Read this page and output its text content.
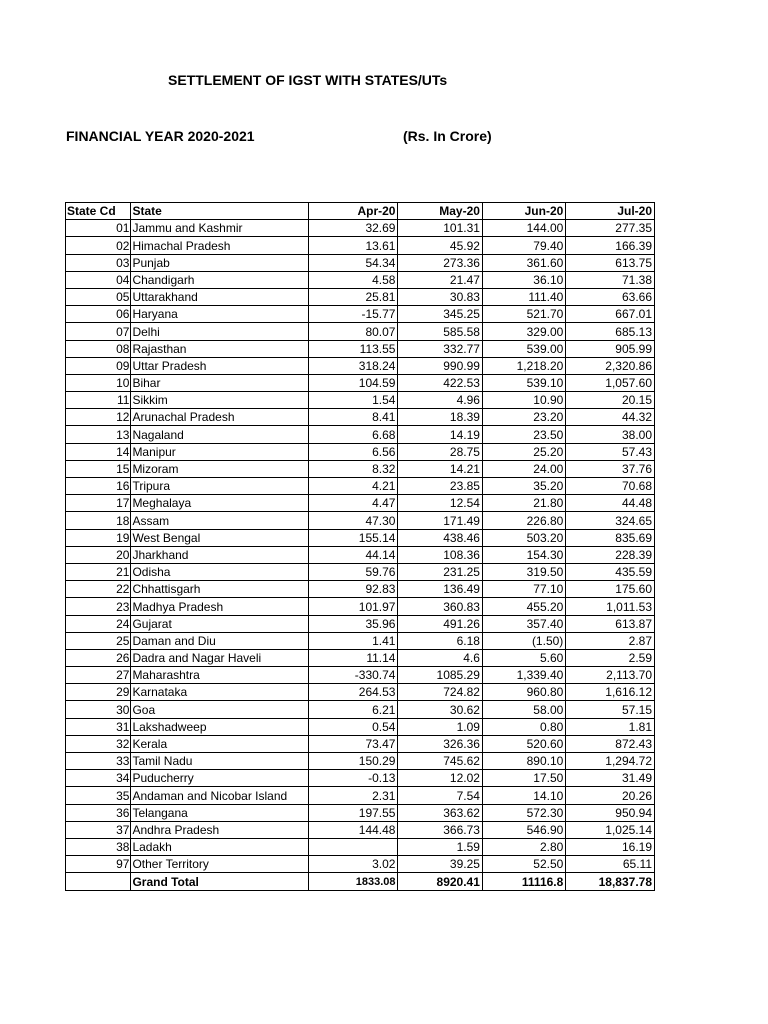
SETTLEMENT OF IGST WITH STATES/UTs
FINANCIAL YEAR 2020-2021	(Rs. In Crore)
State Cd	State	Apr-20	May-20	Jun-20	Jul-20
01	Jammu and Kashmir	32.69	101.31	144.00	277.35
02	Himachal Pradesh	13.61	45.92	79.40	166.39
03	Punjab	54.34	273.36	361.60	613.75
04	Chandigarh	4.58	21.47	36.10	71.38
05	Uttarakhand	25.81	30.83	111.40	63.66
06	Haryana	-15.77	345.25	521.70	667.01
07	Delhi	80.07	585.58	329.00	685.13
08	Rajasthan	113.55	332.77	539.00	905.99
09	Uttar Pradesh	318.24	990.99	1,218.20	2,320.86
10	Bihar	104.59	422.53	539.10	1,057.60
11	Sikkim	1.54	4.96	10.90	20.15
12	Arunachal Pradesh	8.41	18.39	23.20	44.32
13	Nagaland	6.68	14.19	23.50	38.00
14	Manipur	6.56	28.75	25.20	57.43
15	Mizoram	8.32	14.21	24.00	37.76
16	Tripura	4.21	23.85	35.20	70.68
17	Meghalaya	4.47	12.54	21.80	44.48
18	Assam	47.30	171.49	226.80	324.65
19	West Bengal	155.14	438.46	503.20	835.69
20	Jharkhand	44.14	108.36	154.30	228.39
21	Odisha	59.76	231.25	319.50	435.59
22	Chhattisgarh	92.83	136.49	77.10	175.60
23	Madhya Pradesh	101.97	360.83	455.20	1,011.53
24	Gujarat	35.96	491.26	357.40	613.87
25	Daman and Diu	1.41	6.18	(1.50)	2.87
26	Dadra and Nagar Haveli	11.14	4.6	5.60	2.59
27	Maharashtra	-330.74	1085.29	1,339.40	2,113.70
29	Karnataka	264.53	724.82	960.80	1,616.12
30	Goa	6.21	30.62	58.00	57.15
31	Lakshadweep	0.54	1.09	0.80	1.81
32	Kerala	73.47	326.36	520.60	872.43
33	Tamil Nadu	150.29	745.62	890.10	1,294.72
34	Puducherry	-0.13	12.02	17.50	31.49
35	Andaman and Nicobar Island	2.31	7.54	14.10	20.26
36	Telangana	197.55	363.62	572.30	950.94
37	Andhra Pradesh	144.48	366.73	546.90	1,025.14
38	Ladakh		1.59	2.80	16.19
97	Other Territory	3.02	39.25	52.50	65.11
	Grand Total	1833.08	8920.41	11116.8	18,837.78
